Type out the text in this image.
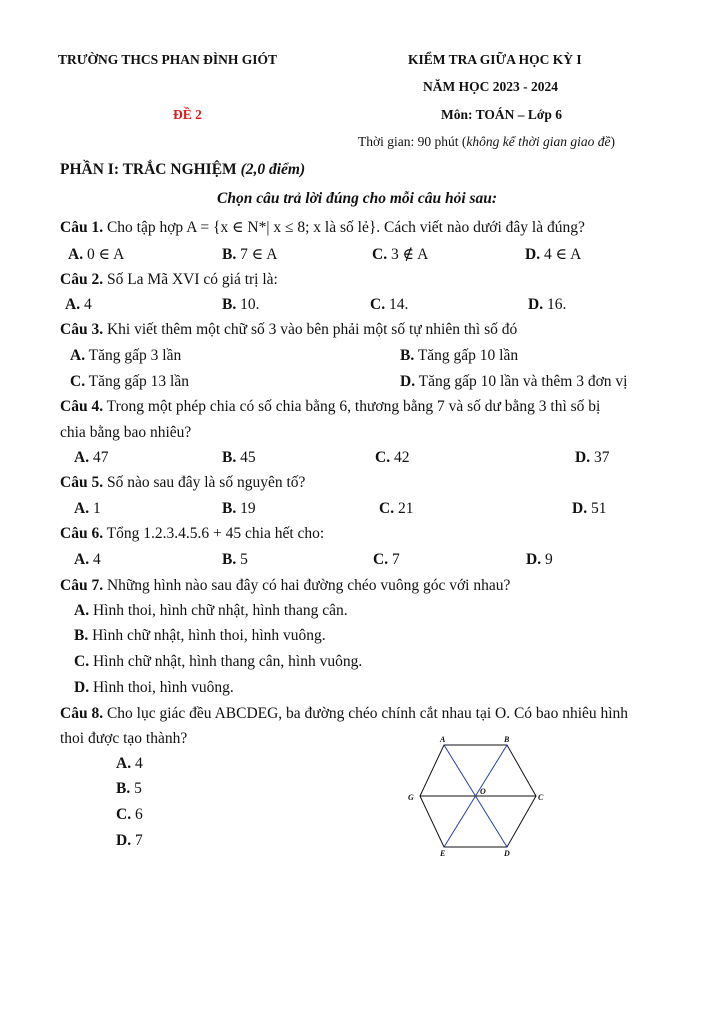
TRƯỜNG THCS PHAN ĐÌNH GIÓT	KIỂM TRA GIỮA HỌC KỲ I
NĂM HỌC 2023 - 2024
ĐỀ 2	Môn: TOÁN – Lớp 6
Thời gian: 90 phút (không kể thời gian giao đề)
PHẦN I: TRẮC NGHIỆM (2,0 điểm)
Chọn câu trả lời đúng cho mỗi câu hỏi sau:
Câu 1. Cho tập hợp A = {x ∈ N*| x ≤ 8; x là số lẻ}. Cách viết nào dưới đây là đúng?
A. 0 ∈ A	B. 7 ∈ A	C. 3 ∉ A	D. 4 ∈ A
Câu 2. Số La Mã XVI có giá trị là:
A. 4	B. 10.	C. 14.	D. 16.
Câu 3. Khi viết thêm một chữ số 3 vào bên phải một số tự nhiên thì số đó
A. Tăng gấp 3 lần	B. Tăng gấp 10 lần
C. Tăng gấp 13 lần	D. Tăng gấp 10 lần và thêm 3 đơn vị
Câu 4. Trong một phép chia có số chia bằng 6, thương bằng 7 và số dư bằng 3 thì số bị
chia bằng bao nhiêu?
A. 47	B. 45	C. 42	D. 37
Câu 5. Số nào sau đây là số nguyên tố?
A. 1	B. 19	C. 21	D. 51
Câu 6. Tổng 1.2.3.4.5.6 + 45 chia hết cho:
A. 4	B. 5	C. 7	D. 9
Câu 7. Những hình nào sau đây có hai đường chéo vuông góc với nhau?
A. Hình thoi, hình chữ nhật, hình thang cân.
B. Hình chữ nhật, hình thoi, hình vuông.
C. Hình chữ nhật, hình thang cân, hình vuông.
D. Hình thoi, hình vuông.
Câu 8. Cho lục giác đều ABCDEG, ba đường chéo chính cắt nhau tại O. Có bao nhiêu hình
thoi được tạo thành?
A. 4
B. 5
C. 6
D. 7
A	B
C
G
O
E	D
